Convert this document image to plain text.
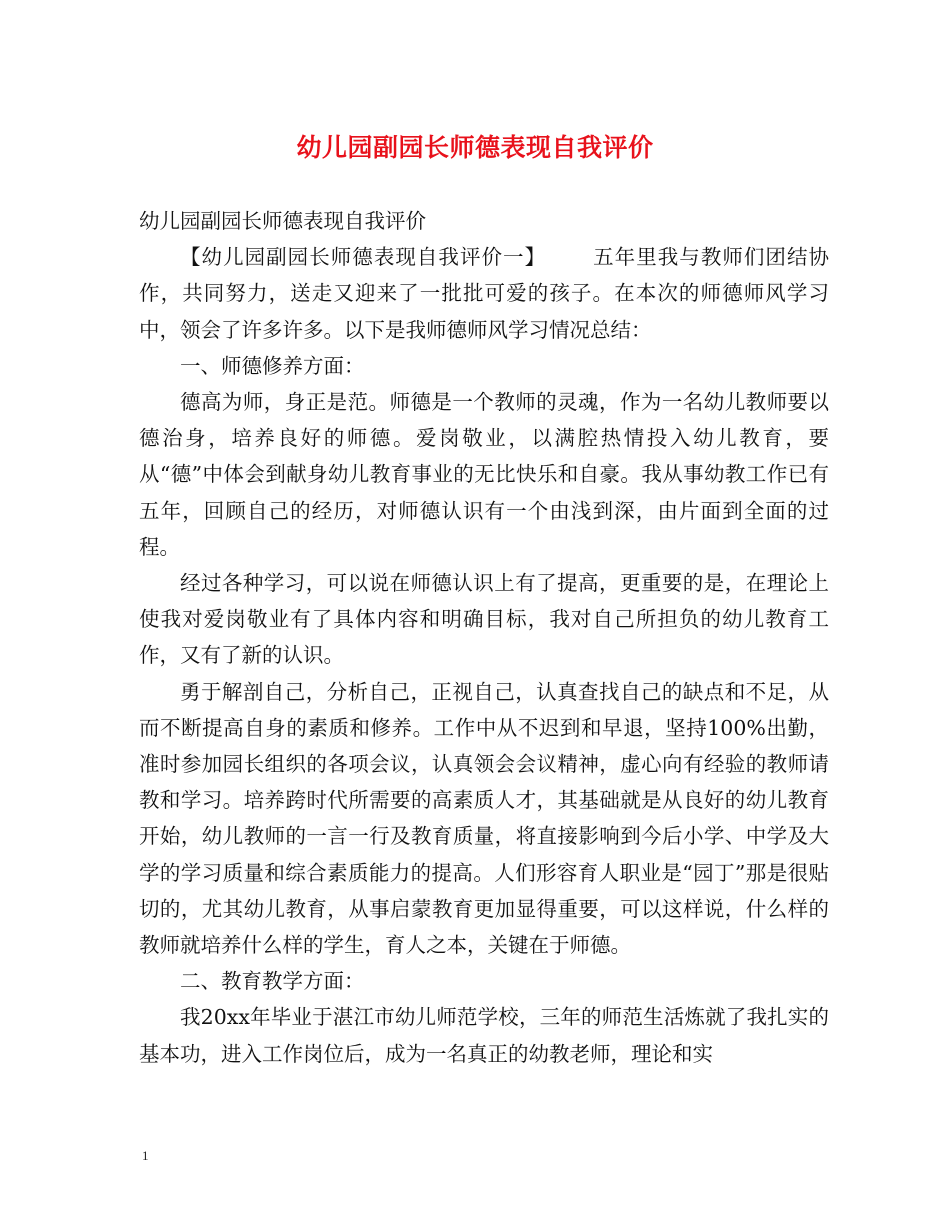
幼儿园副园长师德表现自我评价

幼儿园副园长师德表现自我评价

【幼儿园副园长师德表现自我评价一】 五年里我与教师们团结协作，共同努力，送走又迎来了一批批可爱的孩子。在本次的师德师风学习中，领会了许多许多。以下是我师德师风学习情况总结：

一、师德修养方面：

德高为师，身正是范。师德是一个教师的灵魂，作为一名幼儿教师要以德治身，培养良好的师德。爱岗敬业，以满腔热情投入幼儿教育，要从“德”中体会到献身幼儿教育事业的无比快乐和自豪。我从事幼教工作已有五年，回顾自己的经历，对师德认识有一个由浅到深，由片面到全面的过程。

经过各种学习，可以说在师德认识上有了提高，更重要的是，在理论上使我对爱岗敬业有了具体内容和明确目标，我对自己所担负的幼儿教育工作，又有了新的认识。

勇于解剖自己，分析自己，正视自己，认真查找自己的缺点和不足，从而不断提高自身的素质和修养。工作中从不迟到和早退，坚持100%出勤，准时参加园长组织的各项会议，认真领会会议精神，虚心向有经验的教师请教和学习。培养跨时代所需要的高素质人才，其基础就是从良好的幼儿教育开始，幼儿教师的一言一行及教育质量，将直接影响到今后小学、中学及大学的学习质量和综合素质能力的提高。人们形容育人职业是“园丁”那是很贴切的，尤其幼儿教育，从事启蒙教育更加显得重要，可以这样说，什么样的教师就培养什么样的学生，育人之本，关键在于师德。

二、教育教学方面：

我20xx年毕业于湛江市幼儿师范学校，三年的师范生活炼就了我扎实的基本功，进入工作岗位后，成为一名真正的幼教老师，理论和实

1
